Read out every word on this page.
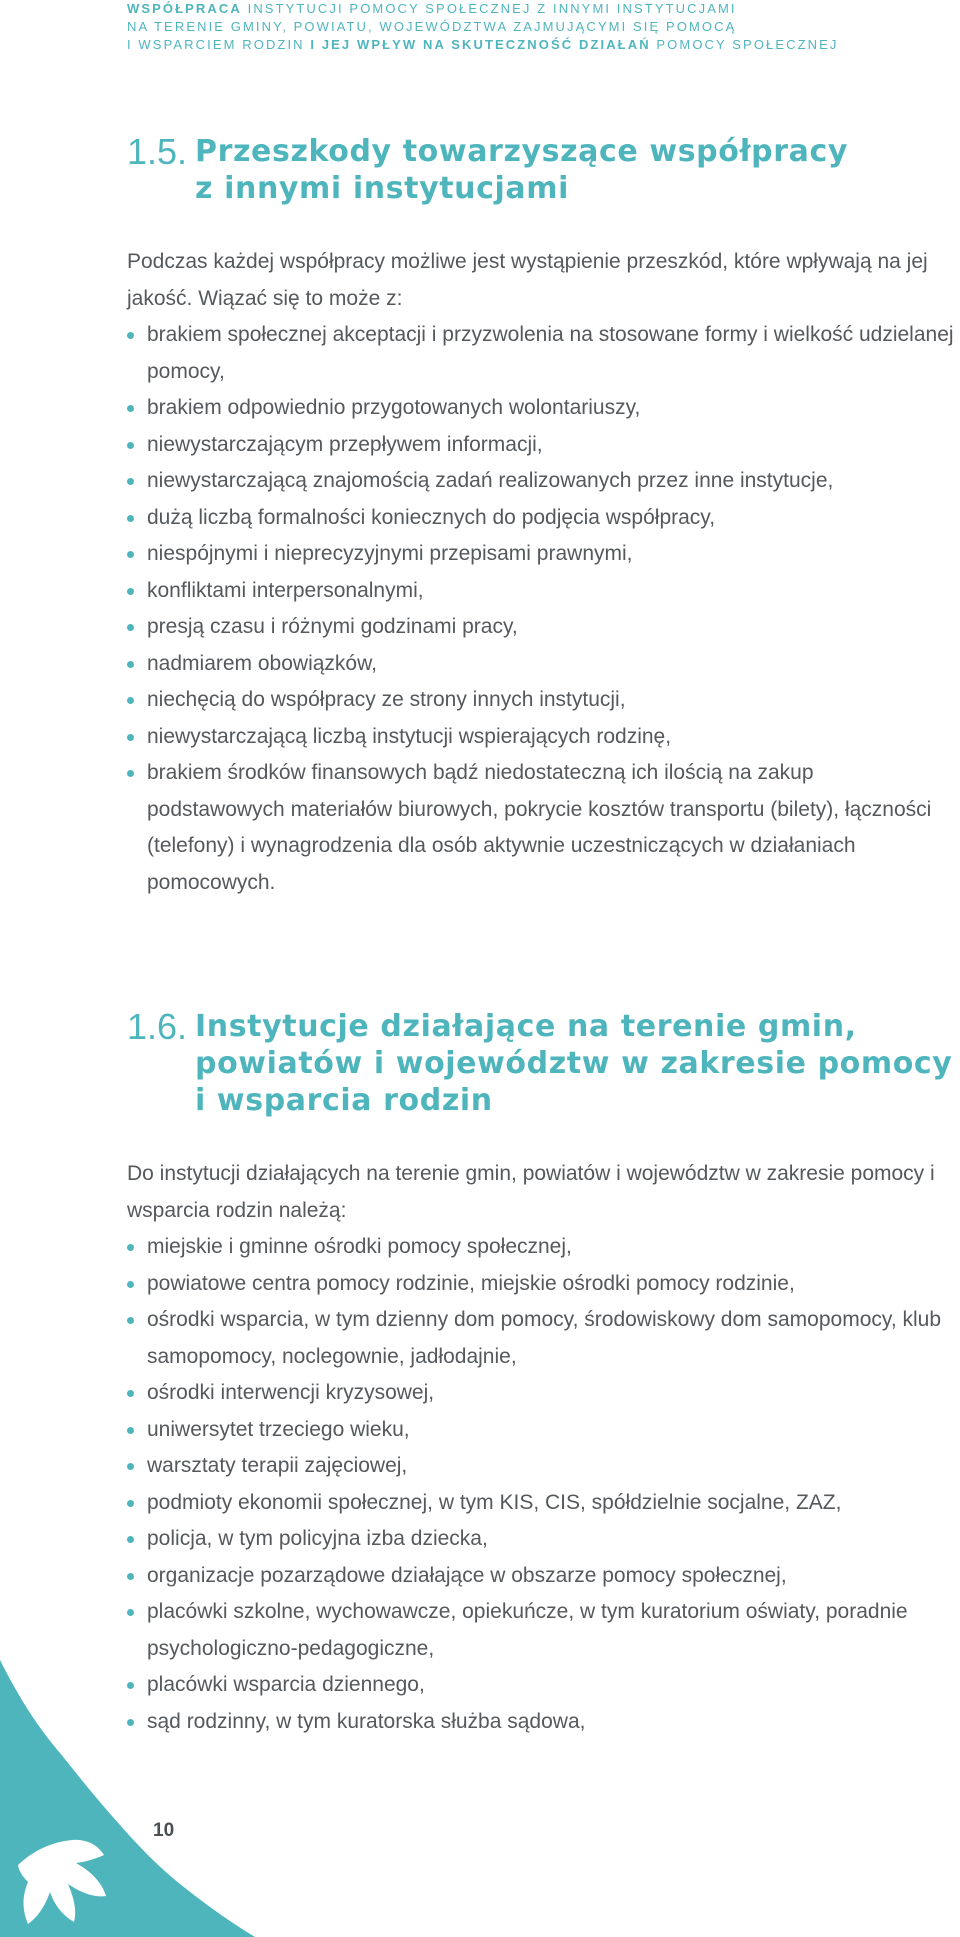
WSPÓŁPRACA INSTYTUCJI POMOCY SPOŁECZNEJ Z INNYMI INSTYTUCJAMI
NA TERENIE GMINY, POWIATU, WOJEWÓDZTWA ZAJMUJĄCYMI SIĘ POMOCĄ
I WSPARCIEM RODZIN I JEJ WPŁYW NA SKUTECZNOŚĆ DZIAŁAŃ POMOCY SPOŁECZNEJ
1.5. Przeszkody towarzyszące współpracy
z innymi instytucjami

Podczas każdej współpracy możliwe jest wystąpienie przeszkód, które wpływają na jej jakość. Wiązać się to może z:

brakiem społecznej akceptacji i przyzwolenia na stosowane formy i wielkość udzielanej pomocy,
brakiem odpowiednio przygotowanych wolontariuszy,
niewystarczającym przepływem informacji,
niewystarczającą znajomością zadań realizowanych przez inne instytucje,
dużą liczbą formalności koniecznych do podjęcia współpracy,
niespójnymi i nieprecyzyjnymi przepisami prawnymi,
konfliktami interpersonalnymi,
presją czasu i różnymi godzinami pracy,
nadmiarem obowiązków,
niechęcią do współpracy ze strony innych instytucji,
niewystarczającą liczbą instytucji wspierających rodzinę,
brakiem środków finansowych bądź niedostateczną ich ilością na zakup podstawowych materiałów biurowych, pokrycie kosztów transportu (bilety), łączności (telefony) i wynagrodzenia dla osób aktywnie uczestniczących w działaniach pomocowych.
1.6. Instytucje działające na terenie gmin,
powiatów i województw w zakresie pomocy
i wsparcia rodzin

Do instytucji działających na terenie gmin, powiatów i województw w zakresie pomocy i wsparcia rodzin należą:

miejskie i gminne ośrodki pomocy społecznej,
powiatowe centra pomocy rodzinie, miejskie ośrodki pomocy rodzinie,
ośrodki wsparcia, w tym dzienny dom pomocy, środowiskowy dom samopomocy, klub samopomocy, noclegownie, jadłodajnie,
ośrodki interwencji kryzysowej,
uniwersytet trzeciego wieku,
warsztaty terapii zajęciowej,
podmioty ekonomii społecznej, w tym KIS, CIS, spółdzielnie socjalne, ZAZ,
policja, w tym policyjna izba dziecka,
organizacje pozarządowe działające w obszarze pomocy społecznej,
placówki szkolne, wychowawcze, opiekuńcze, w tym kuratorium oświaty, poradnie psychologiczno-pedagogiczne,
placówki wsparcia dziennego,
sąd rodzinny, w tym kuratorska służba sądowa,
10
